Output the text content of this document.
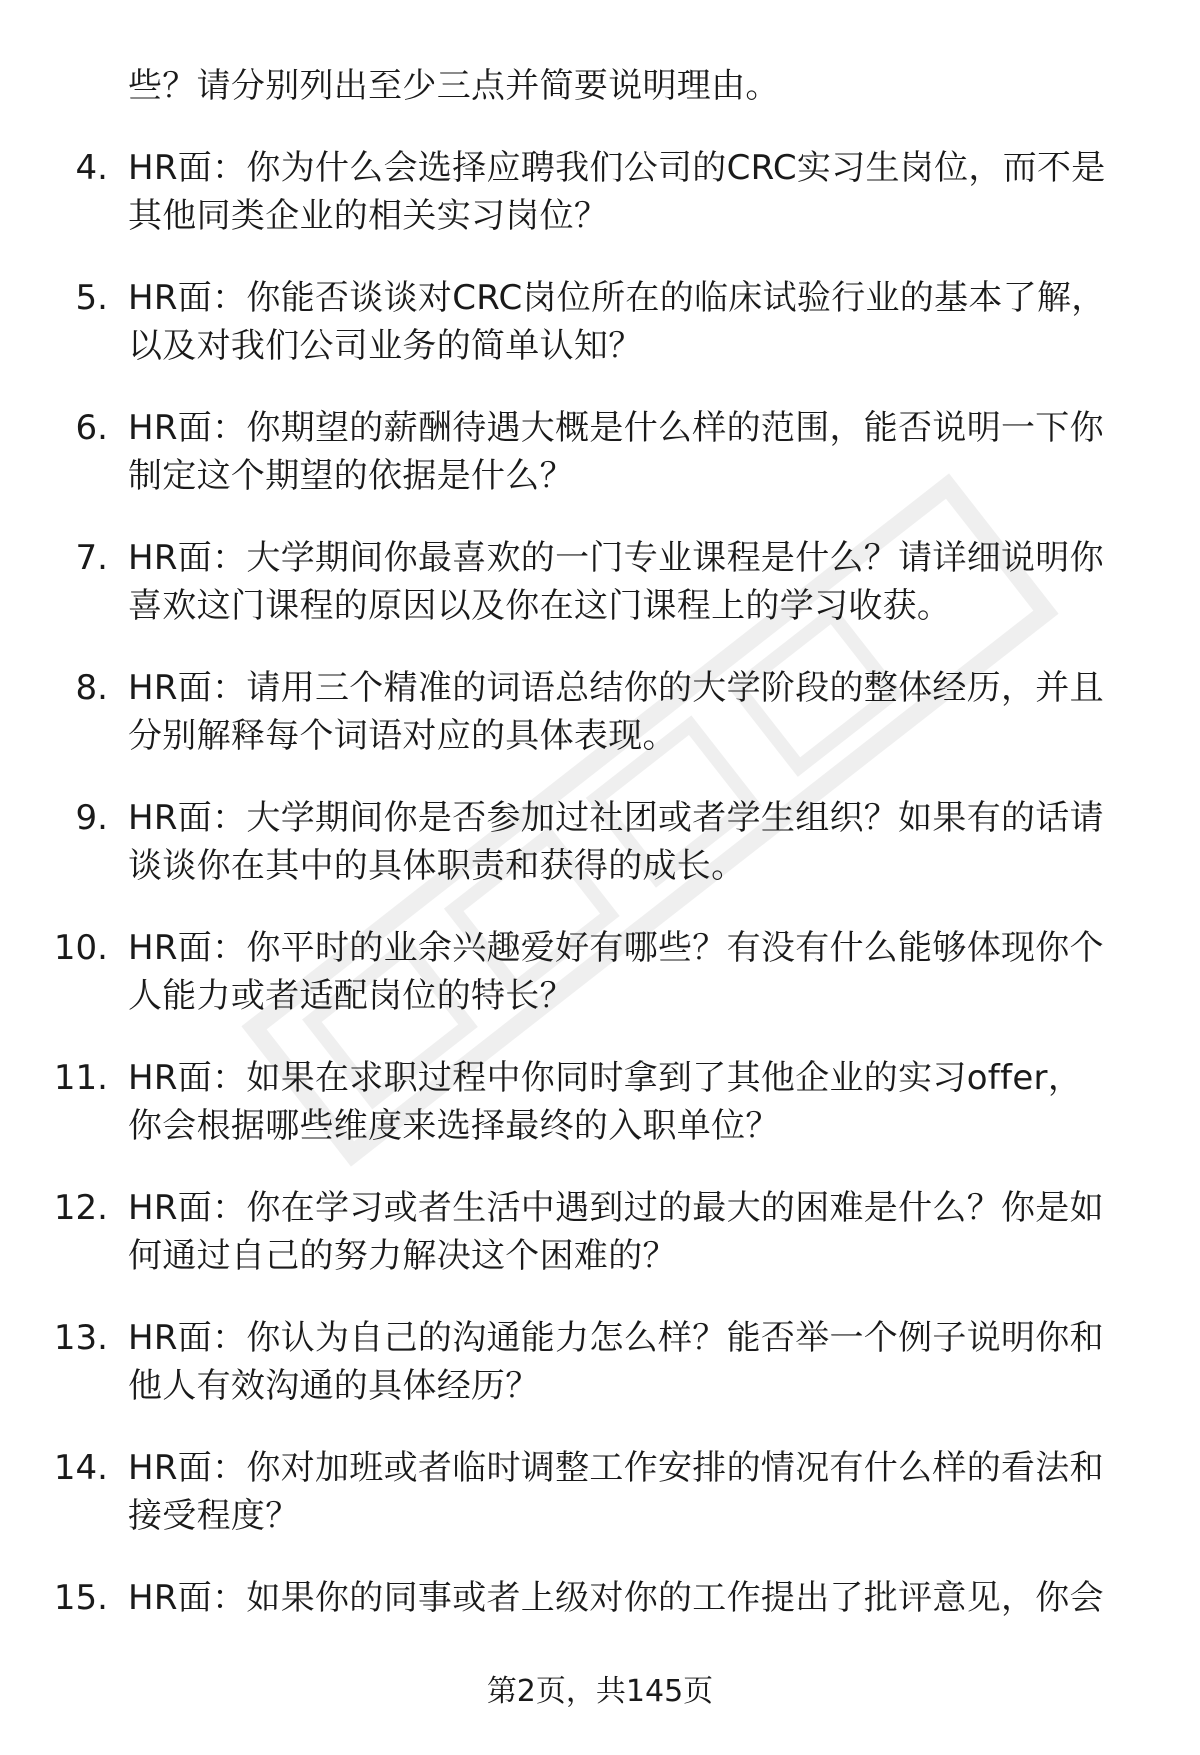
些？请分别列出至少三点并简要说明理由。
4. HR面：你为什么会选择应聘我们公司的CRC实习生岗位，而不是
其他同类企业的相关实习岗位？
5. HR面：你能否谈谈对CRC岗位所在的临床试验行业的基本了解，
以及对我们公司业务的简单认知？
6. HR面：你期望的薪酬待遇大概是什么样的范围，能否说明一下你
制定这个期望的依据是什么？
7. HR面：大学期间你最喜欢的一门专业课程是什么？请详细说明你
喜欢这门课程的原因以及你在这门课程上的学习收获。
8. HR面：请用三个精准的词语总结你的大学阶段的整体经历，并且
分别解释每个词语对应的具体表现。
9. HR面：大学期间你是否参加过社团或者学生组织？如果有的话请
谈谈你在其中的具体职责和获得的成长。
10. HR面：你平时的业余兴趣爱好有哪些？有没有什么能够体现你个
人能力或者适配岗位的特长？
11. HR面：如果在求职过程中你同时拿到了其他企业的实习offer，
你会根据哪些维度来选择最终的入职单位？
12. HR面：你在学习或者生活中遇到过的最大的困难是什么？你是如
何通过自己的努力解决这个困难的？
13. HR面：你认为自己的沟通能力怎么样？能否举一个例子说明你和
他人有效沟通的具体经历？
14. HR面：你对加班或者临时调整工作安排的情况有什么样的看法和
接受程度？
15. HR面：如果你的同事或者上级对你的工作提出了批评意见，你会
第2页，共145页
